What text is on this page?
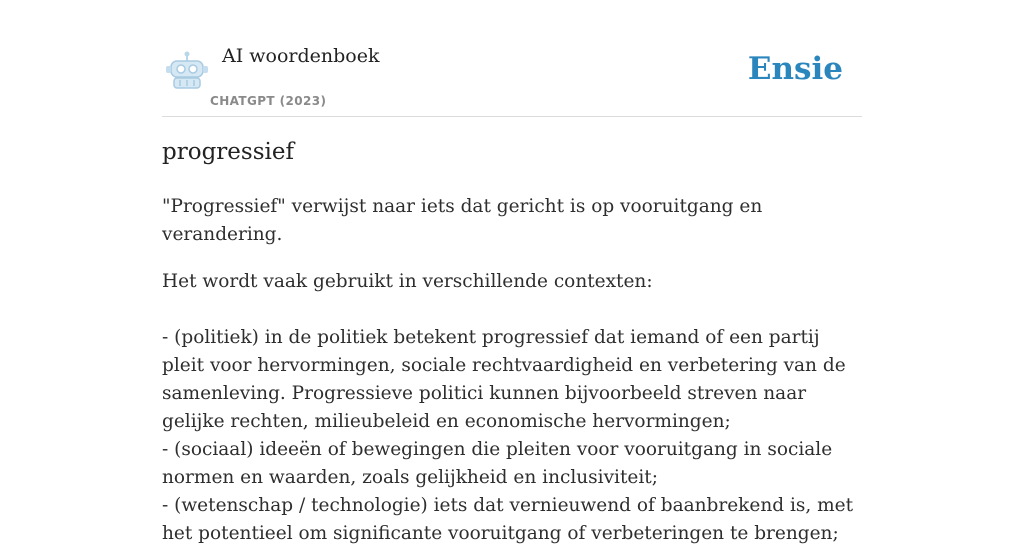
AI woordenboek
CHATGPT (2023)
Ensie
progressief

"Progressief" verwijst naar iets dat gericht is op vooruitgang en verandering.

Het wordt vaak gebruikt in verschillende contexten:
- (politiek) in de politiek betekent progressief dat iemand of een partij pleit voor hervormingen, sociale rechtvaardigheid en verbetering van de samenleving. Progressieve politici kunnen bijvoorbeeld streven naar gelijke rechten, milieubeleid en economische hervormingen;
- (sociaal) ideeën of bewegingen die pleiten voor vooruitgang in sociale normen en waarden, zoals gelijkheid en inclusiviteit;
- (wetenschap / technologie) iets dat vernieuwend of baanbrekend is, met het potentieel om significante vooruitgang of verbeteringen te brengen;
